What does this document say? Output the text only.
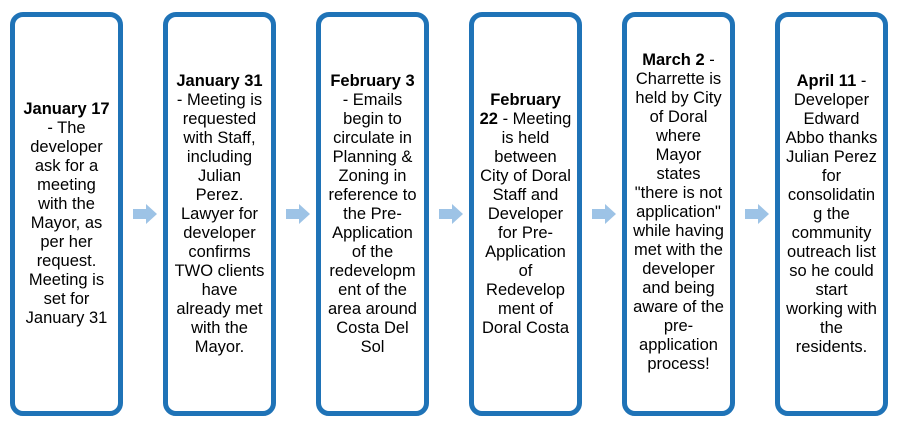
January 17 - The developer ask for a meeting with the Mayor, as per her request. Meeting is set for January 31
January 31 - Meeting is requested with Staff, including Julian Perez. Lawyer for developer confirms TWO clients have already met with the Mayor.
February 3 - Emails begin to circulate in Planning & Zoning in reference to the Pre-Application of the redevelopment of the area around Costa Del Sol
February 22 - Meeting is held between City of Doral Staff and Developer for Pre-Application of Redevelopment of Doral Costa
March 2 - Charrette is held by City of Doral where Mayor states "there is not application" while having met with the developer and being aware of the pre-application process!
April 11 - Developer Edward Abbo thanks Julian Perez for consolidating the community outreach list so he could start working with the residents.
